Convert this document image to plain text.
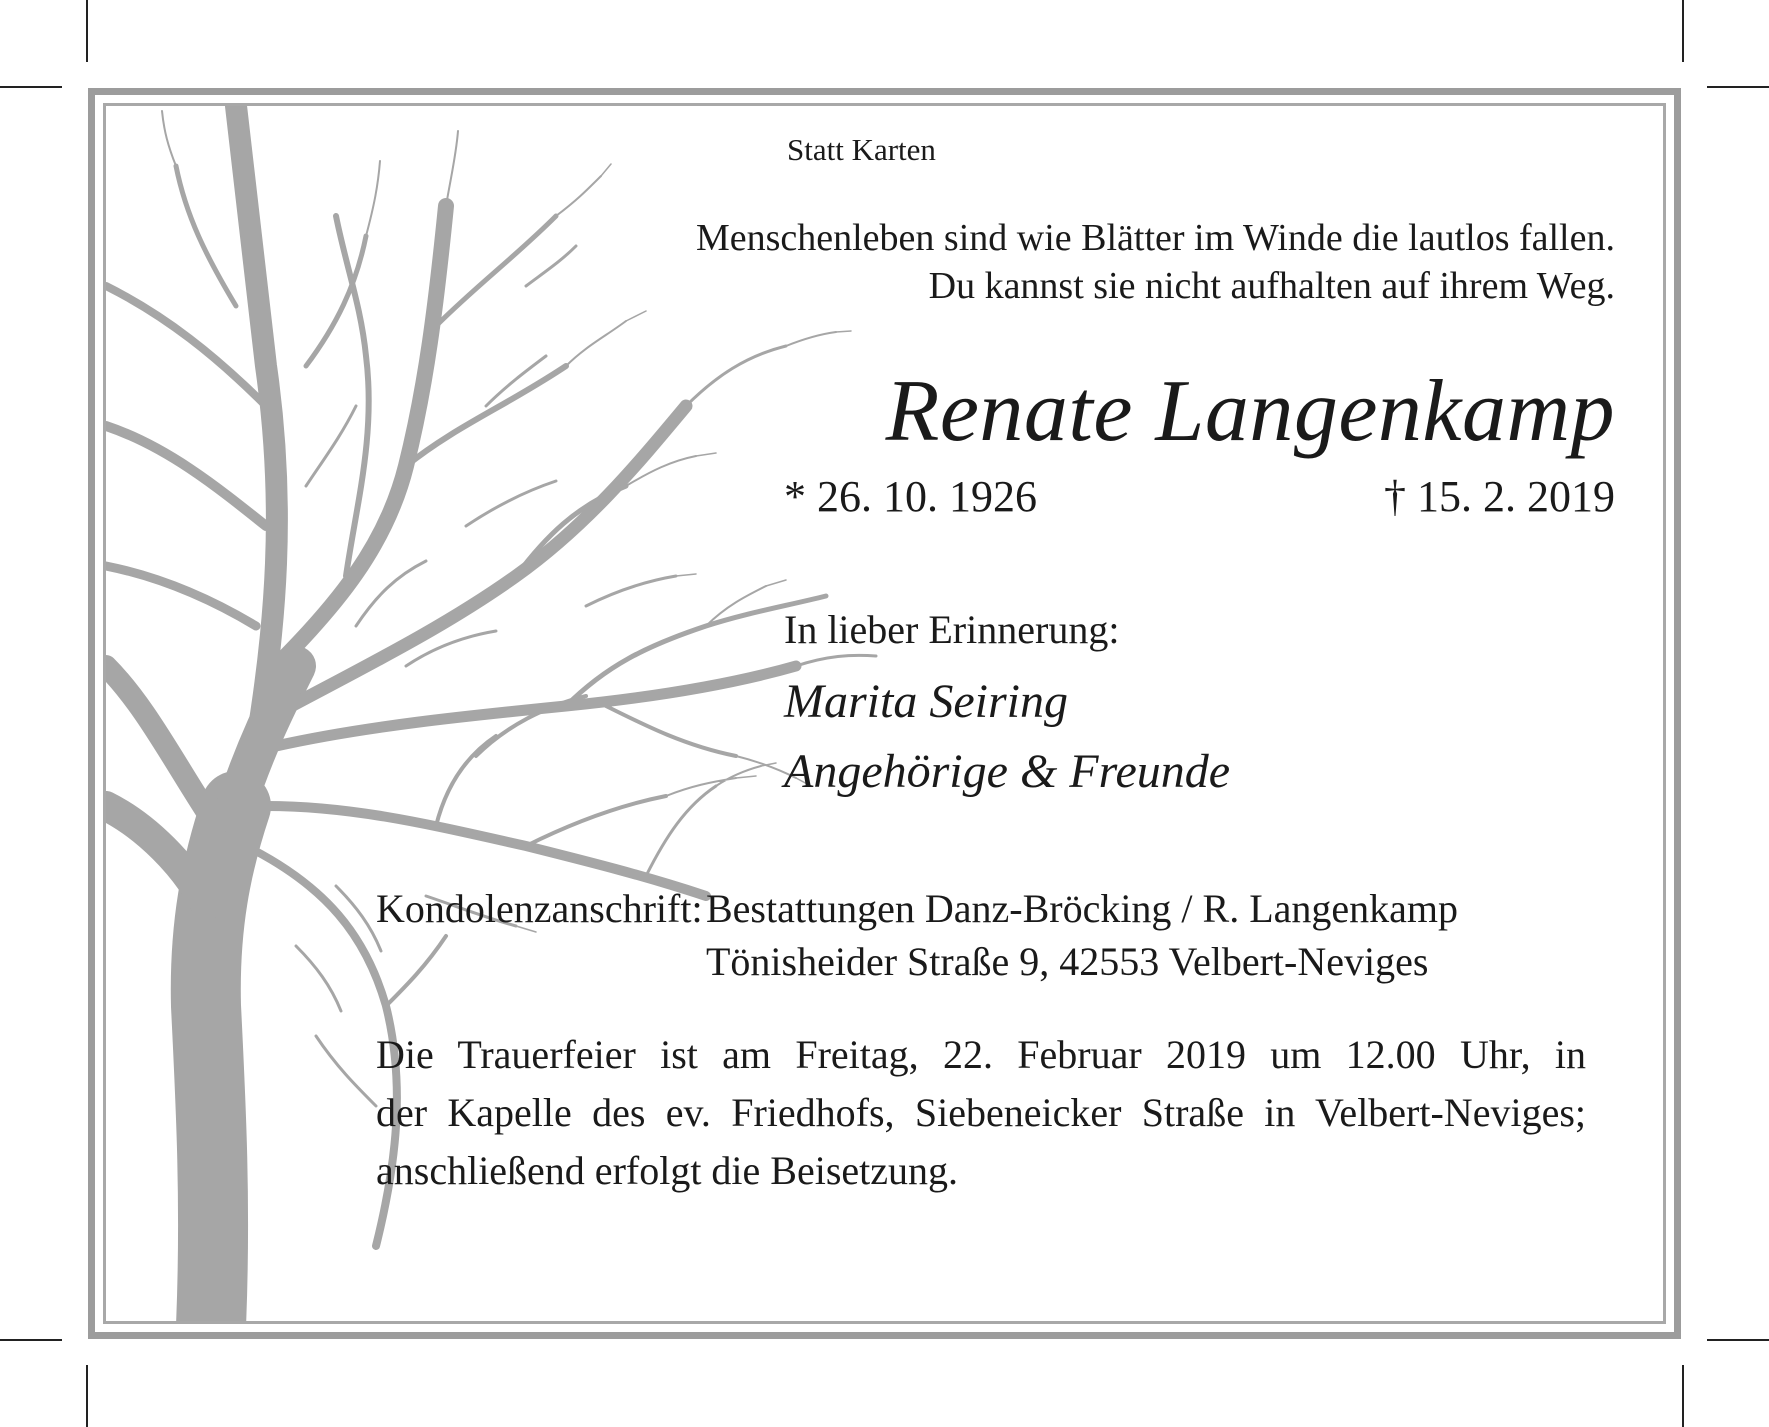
Statt Karten
Menschenleben sind wie Blätter im Winde die lautlos fallen.
Du kannst sie nicht aufhalten auf ihrem Weg.
Renate Langenkamp
* 26. 10. 1926	† 15. 2. 2019
In lieber Erinnerung:
Marita Seiring
Angehörige & Freunde
Kondolenzanschrift: Bestattungen Danz-Bröcking / R. Langenkamp
Tönisheider Straße 9, 42553 Velbert-Neviges
Die Trauerfeier ist am Freitag, 22. Februar 2019 um 12.00 Uhr, in
der Kapelle des ev. Friedhofs, Siebeneicker Straße in Velbert-Neviges;
anschließend erfolgt die Beisetzung.
